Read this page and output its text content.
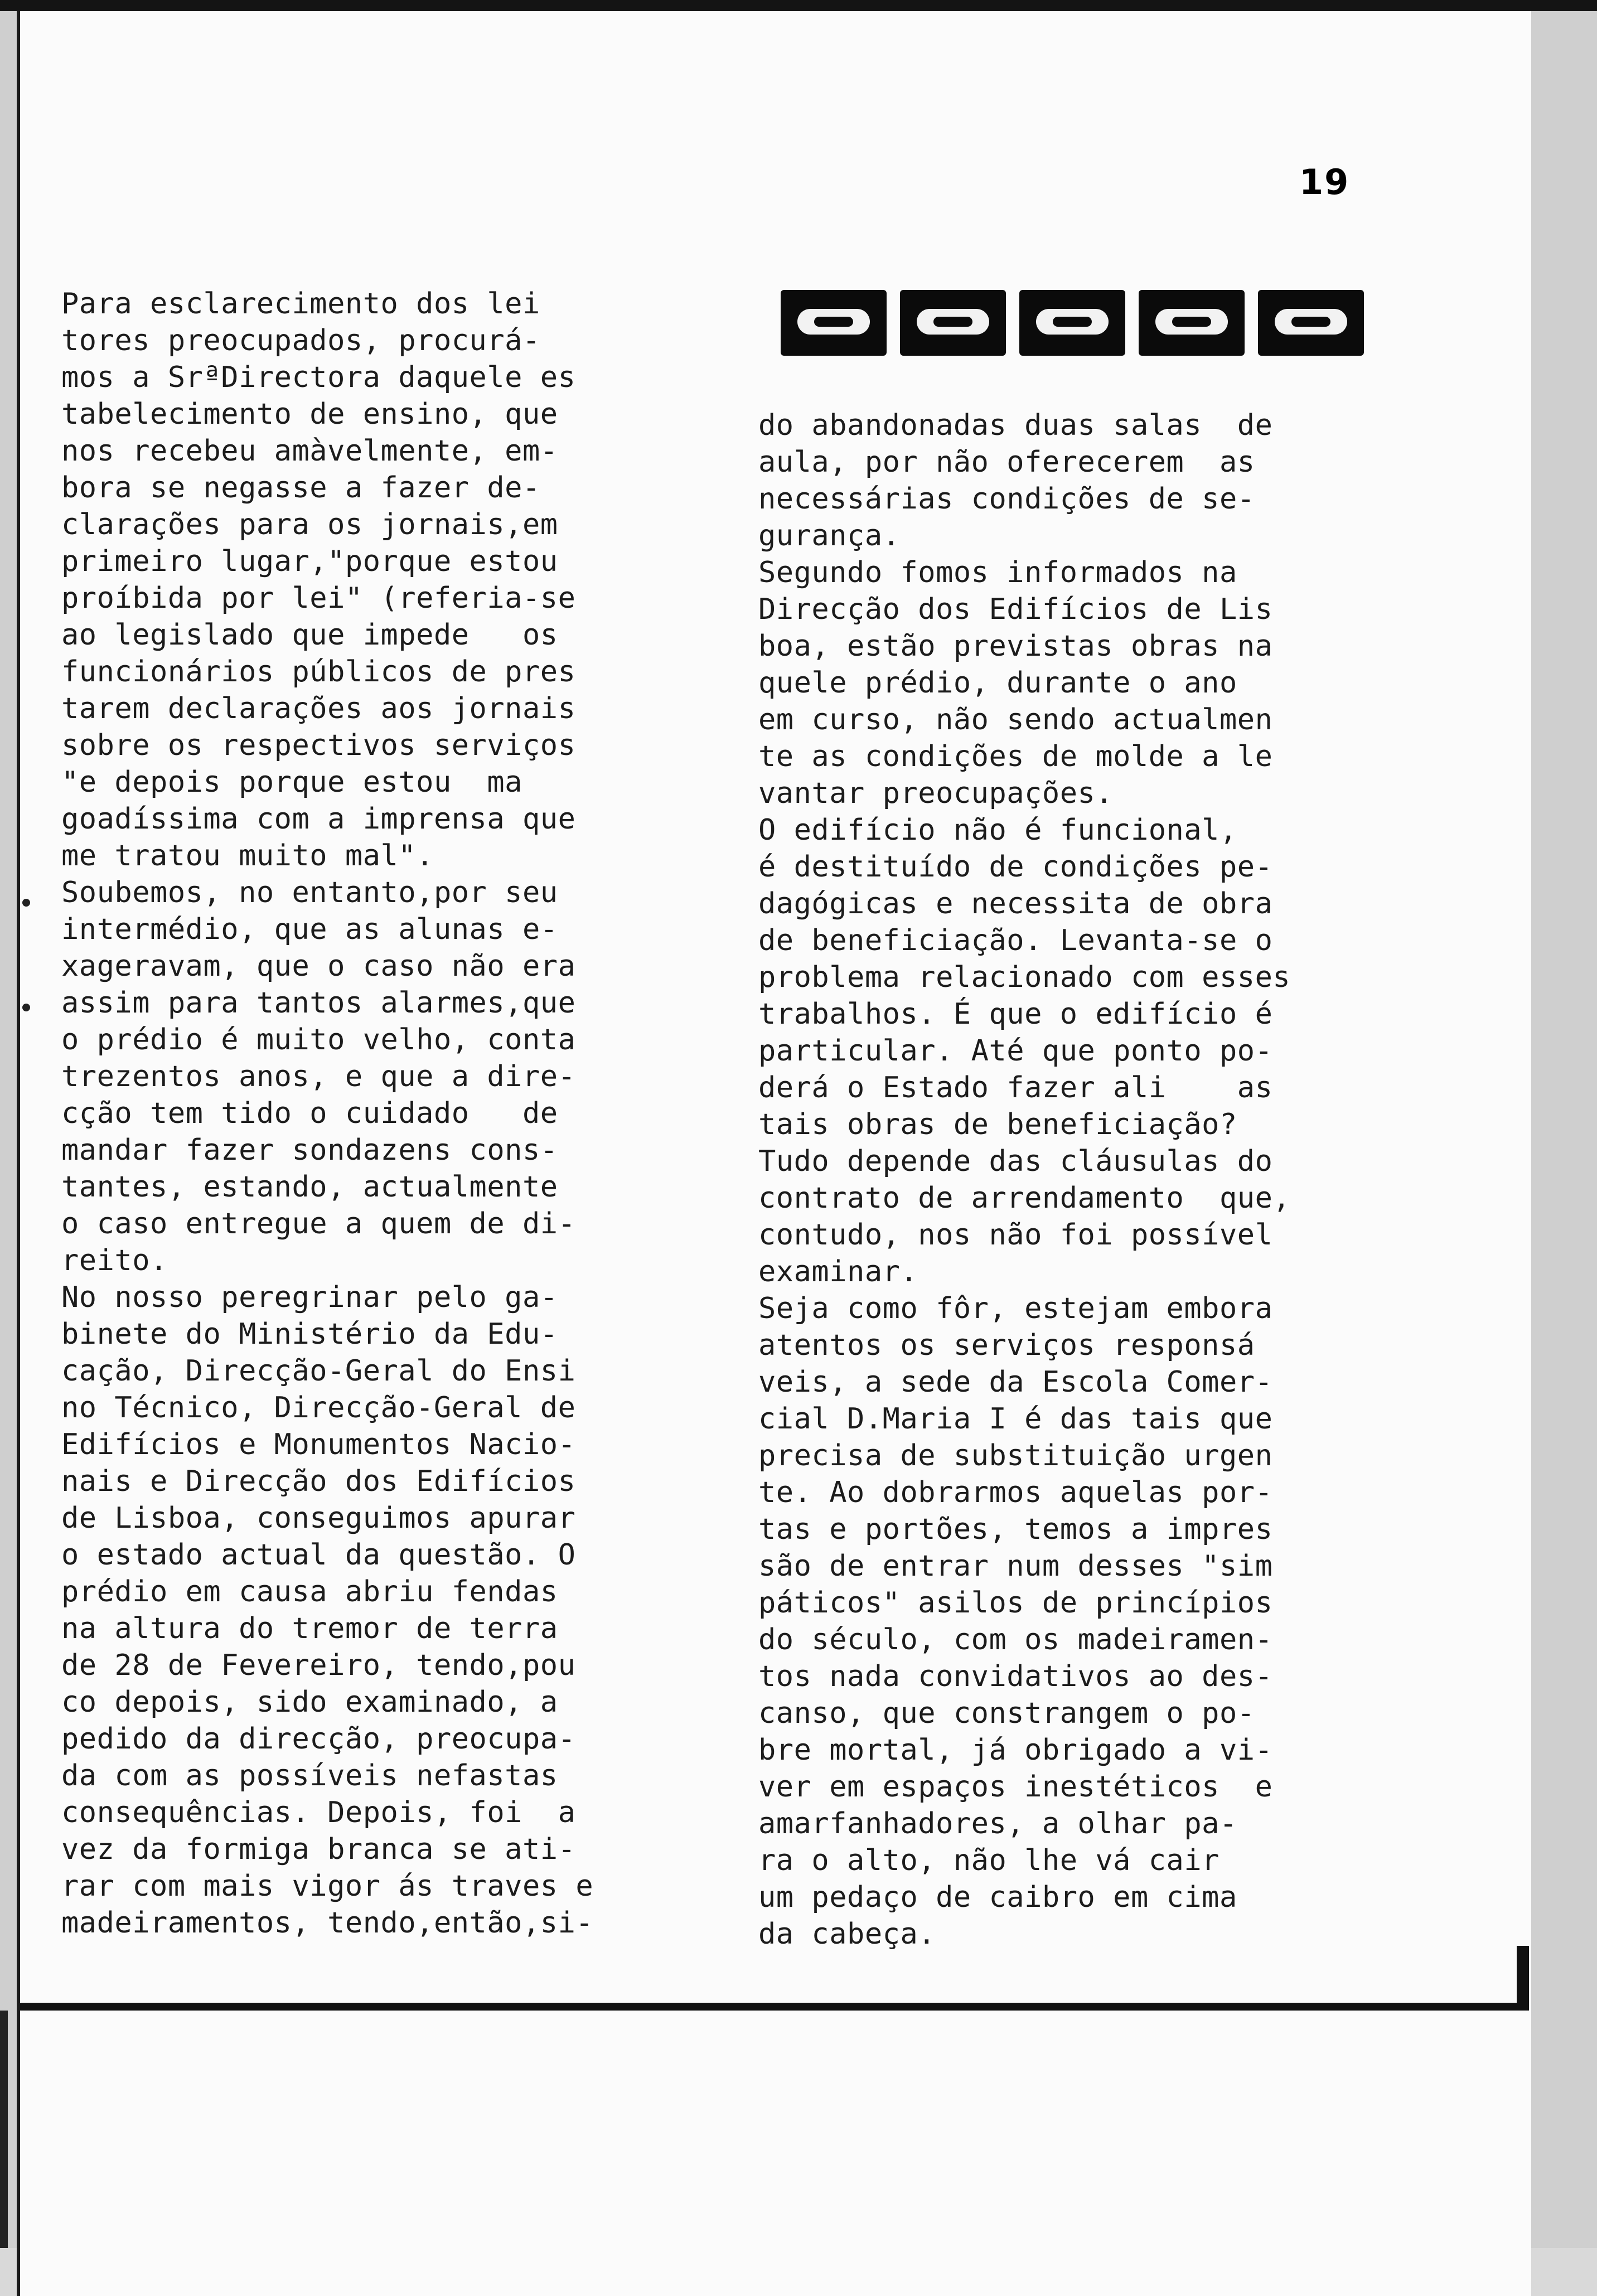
19
Para esclarecimento dos lei
tores preocupados, procurá-
mos a SrªDirectora daquele es
tabelecimento de ensino, que
nos recebeu amàvelmente, em-
bora se negasse a fazer de-
clarações para os jornais,em
primeiro lugar,"porque estou
proíbida por lei" (referia-se
ao legislado que impede   os
funcionários públicos de pres
tarem declarações aos jornais
sobre os respectivos serviços
"e depois porque estou  ma
goadíssima com a imprensa que
me tratou muito mal".
Soubemos, no entanto,por seu
intermédio, que as alunas e-
xageravam, que o caso não era
assim para tantos alarmes,que
o prédio é muito velho, conta
trezentos anos, e que a dire-
cção tem tido o cuidado   de
mandar fazer sondazens cons-
tantes, estando, actualmente
o caso entregue a quem de di-
reito.
No nosso peregrinar pelo ga-
binete do Ministério da Edu-
cação, Direcção-Geral do Ensi
no Técnico, Direcção-Geral de
Edifícios e Monumentos Nacio-
nais e Direcção dos Edifícios
de Lisboa, conseguimos apurar
o estado actual da questão. O
prédio em causa abriu fendas
na altura do tremor de terra
de 28 de Fevereiro, tendo,pou
co depois, sido examinado, a
pedido da direcção, preocupa-
da com as possíveis nefastas
consequências. Depois, foi  a
vez da formiga branca se ati-
rar com mais vigor ás traves e
madeiramentos, tendo,então,si-
do abandonadas duas salas  de
aula, por não oferecerem  as
necessárias condições de se-
gurança.
Segundo fomos informados na
Direcção dos Edifícios de Lis
boa, estão previstas obras na
quele prédio, durante o ano
em curso, não sendo actualmen
te as condições de molde a le
vantar preocupações.
O edifício não é funcional,
é destituído de condições pe-
dagógicas e necessita de obra
de beneficiação. Levanta-se o
problema relacionado com esses
trabalhos. É que o edifício é
particular. Até que ponto po-
derá o Estado fazer ali    as
tais obras de beneficiação?
Tudo depende das cláusulas do
contrato de arrendamento  que,
contudo, nos não foi possível
examinar.
Seja como fôr, estejam embora
atentos os serviços responsá
veis, a sede da Escola Comer-
cial D.Maria I é das tais que
precisa de substituição urgen
te. Ao dobrarmos aquelas por-
tas e portões, temos a impres
são de entrar num desses "sim
páticos" asilos de princípios
do século, com os madeiramen-
tos nada convidativos ao des-
canso, que constrangem o po-
bre mortal, já obrigado a vi-
ver em espaços inestéticos  e
amarfanhadores, a olhar pa-
ra o alto, não lhe vá cair
um pedaço de caibro em cima
da cabeça.
